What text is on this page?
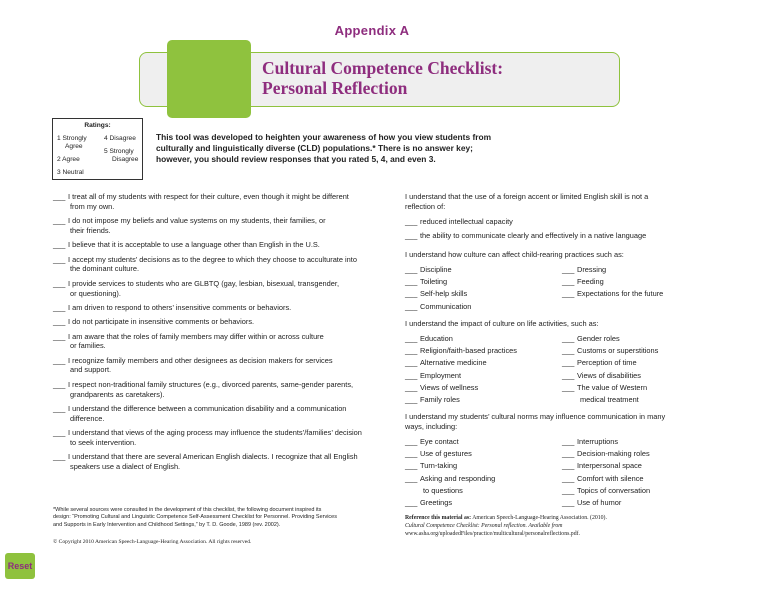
Appendix A
Cultural Competence Checklist:
Personal Reflection
Ratings:
1 Strongly
Agree
2 Agree
3 Neutral
4 Disagree
5 Strongly
Disagree
This tool was developed to heighten your awareness of how you view students from
culturally and linguistically diverse (CLD) populations.* There is no answer key;
however, you should review responses that you rated 5, 4, and even 3.
___ I treat all of my students with respect for their culture, even though it might be different
from my own.
___ I do not impose my beliefs and value systems on my students, their families, or
their friends.
___ I believe that it is acceptable to use a language other than English in the U.S.
___ I accept my students’ decisions as to the degree to which they choose to acculturate into
the dominant culture.
___ I provide services to students who are GLBTQ (gay, lesbian, bisexual, transgender,
or questioning).
___ I am driven to respond to others’ insensitive comments or behaviors.
___ I do not participate in insensitive comments or behaviors.
___ I am aware that the roles of family members may differ within or across culture
or families.
___ I recognize family members and other designees as decision makers for services
and support.
___ I respect non-traditional family structures (e.g., divorced parents, same-gender parents,
grandparents as caretakers).
___ I understand the difference between a communication disability and a communication
difference.
___ I understand that views of the aging process may influence the students’/families’ decision
to seek intervention.
___ I understand that there are several American English dialects. I recognize that all English
speakers use a dialect of English.
I understand that the use of a foreign accent or limited English skill is not a
reflection of:
___ reduced intellectual capacity
___ the ability to communicate clearly and effectively in a native language
I understand how culture can affect child-rearing practices such as:
___ Discipline
___ Toileting
___ Self-help skills
___ Communication
___ Dressing
___ Feeding
___ Expectations for the future
I understand the impact of culture on life activities, such as:
___ Education
___ Religion/faith-based practices
___ Alternative medicine
___ Employment
___ Views of wellness
___ Family roles
___ Gender roles
___ Customs or superstitions
___ Perception of time
___ Views of disabilities
___ The value of Western
medical treatment
I understand my students’ cultural norms may influence communication in many
ways, including:
___ Eye contact
___ Use of gestures
___ Turn-taking
___ Asking and responding
to questions
___ Greetings
___ Interruptions
___ Decision-making roles
___ Interpersonal space
___ Comfort with silence
___ Topics of conversation
___ Use of humor
*While several sources were consulted in the development of this checklist, the following document inspired its
design: “Promoting Cultural and Linguistic Competence Self-Assessment Checklist for Personnel. Providing Services
and Supports in Early Intervention and Childhood Settings,” by T. D. Goode, 1989 (rev. 2002).
© Copyright 2010 American Speech-Language-Hearing Association. All rights reserved.
Reference this material as: American Speech-Language-Hearing Association. (2010).
Cultural Competence Checklist: Personal reflection. Available from
www.asha.org/uploadedFiles/practice/multicultural/personalreflections.pdf.
Reset
